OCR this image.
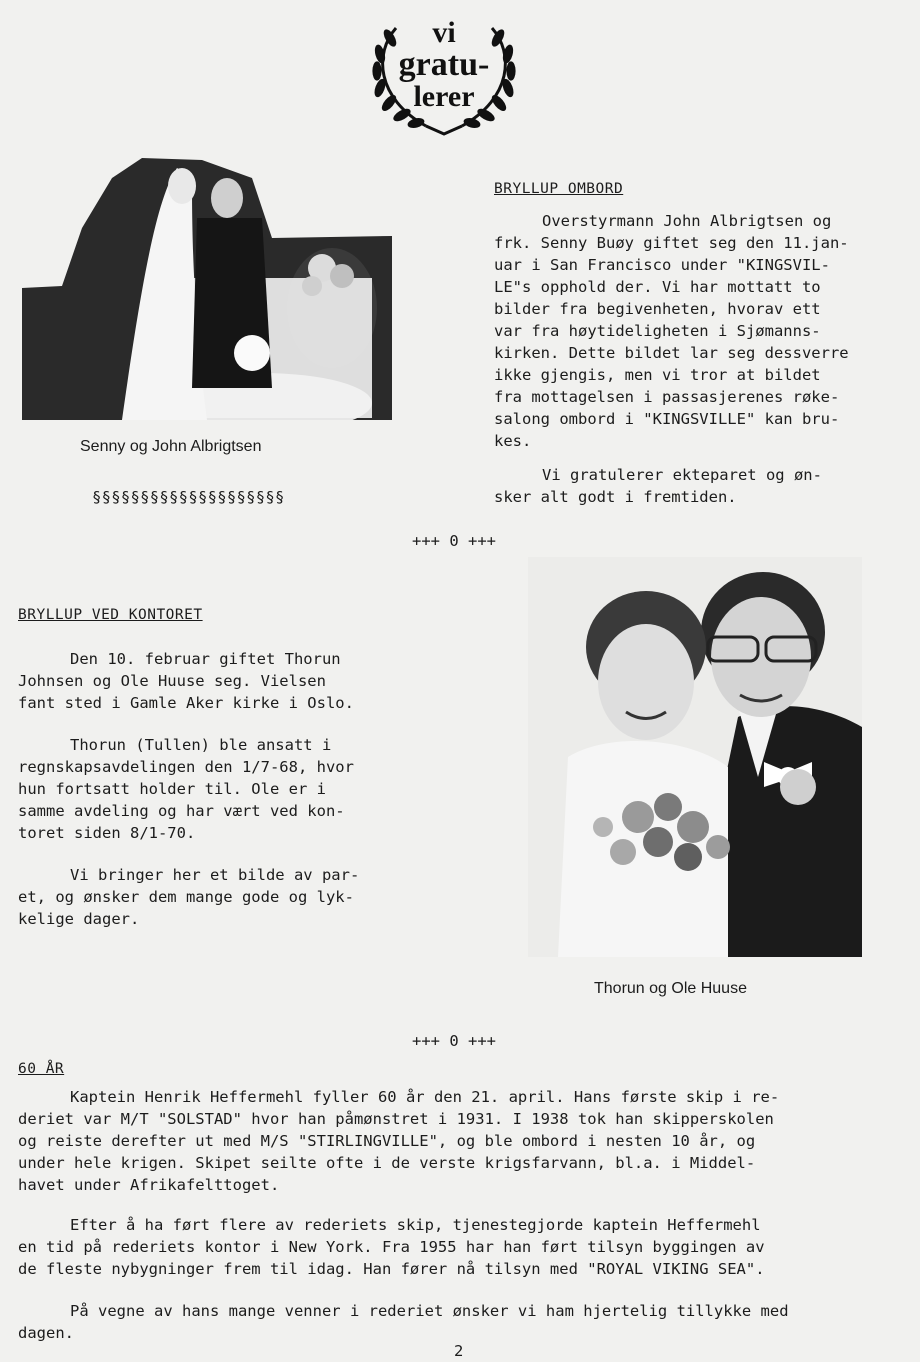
vi
gratu-
lerer
Senny og John Albrigtsen
§§§§§§§§§§§§§§§§§§§§
BRYLLUP OMBORD
Overstyrmann John Albrigtsen og
frk. Senny Buøy giftet seg den 11.jan-
uar i San Francisco under "KINGSVIL-
LE"s opphold der. Vi har mottatt to
bilder fra begivenheten, hvorav ett
var fra høytideligheten i Sjømanns-
kirken. Dette bildet lar seg dessverre
ikke gjengis, men vi tror at bildet
fra mottagelsen i passasjerenes røke-
salong ombord i "KINGSVILLE" kan bru-
kes.
Vi gratulerer ekteparet og øn-
sker alt godt i fremtiden.
+++ 0 +++
BRYLLUP VED KONTORET
Den 10. februar giftet Thorun
Johnsen og Ole Huuse seg. Vielsen
fant sted i Gamle Aker kirke i Oslo.
Thorun (Tullen) ble ansatt i
regnskapsavdelingen den 1/7-68, hvor
hun fortsatt holder til. Ole er i
samme avdeling og har vært ved kon-
toret siden 8/1-70.
Vi bringer her et bilde av par-
et, og ønsker dem mange gode og lyk-
kelige dager.
Thorun og Ole Huuse
+++ 0 +++
60 ÅR
Kaptein Henrik Heffermehl fyller 60 år den 21. april. Hans første skip i re-
deriet var M/T "SOLSTAD" hvor han påmønstret i 1931. I 1938 tok han skipperskolen
og reiste derefter ut med M/S "STIRLINGVILLE", og ble ombord i nesten 10 år, og
under hele krigen. Skipet seilte ofte i de verste krigsfarvann, bl.a. i Middel-
havet under Afrikafelttoget.
Efter å ha ført flere av rederiets skip, tjenestegjorde kaptein Heffermehl
en tid på rederiets kontor i New York. Fra 1955 har han ført tilsyn byggingen av
de fleste nybygninger frem til idag. Han fører nå tilsyn med "ROYAL VIKING SEA".
På vegne av hans mange venner i rederiet ønsker vi ham hjertelig tillykke med
dagen.
2
